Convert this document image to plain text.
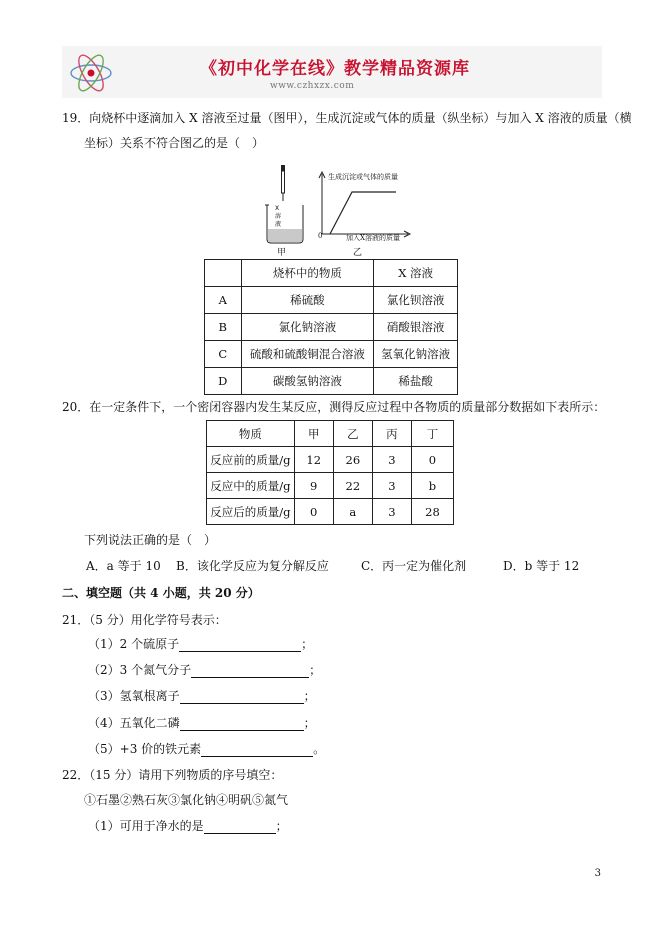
《初中化学在线》教学精品资源库
www.czhxzx.com
19．向烧杯中逐滴加入 X 溶液至过量（图甲），生成沉淀或气体的质量（纵坐标）与加入 X 溶液的质量（横
坐标）关系不符合图乙的是（　）
X
溶
液
甲
生成沉淀或气体的质量
0	加入X溶液的质量
乙
	烧杯中的物质	X 溶液
A	稀硫酸	氯化钡溶液
B	氯化钠溶液	硝酸银溶液
C	硫酸和硫酸铜混合溶液	氢氧化钠溶液
D	碳酸氢钠溶液	稀盐酸
20．在一定条件下，一个密闭容器内发生某反应，测得反应过程中各物质的质量部分数据如下表所示：
物质	甲	乙	丙	丁
反应前的质量/g	12	26	3	0
反应中的质量/g	9	22	3	b
反应后的质量/g	0	a	3	28
下列说法正确的是（　）
A．a 等于 10 B．该化学反应为复分解反应	C．丙一定为催化剂	D．b 等于 12
二、填空题（共 4 小题，共 20 分）
21．（5 分）用化学符号表示：
（1）2 个硫原子	；
（2）3 个氮气分子	；
（3）氢氧根离子	；
（4）五氧化二磷	；
（5）+3 价的铁元素	。
22．（15 分）请用下列物质的序号填空：
①石墨②熟石灰③氯化钠④明矾⑤氮气
（1）可用于净水的是	；
3
